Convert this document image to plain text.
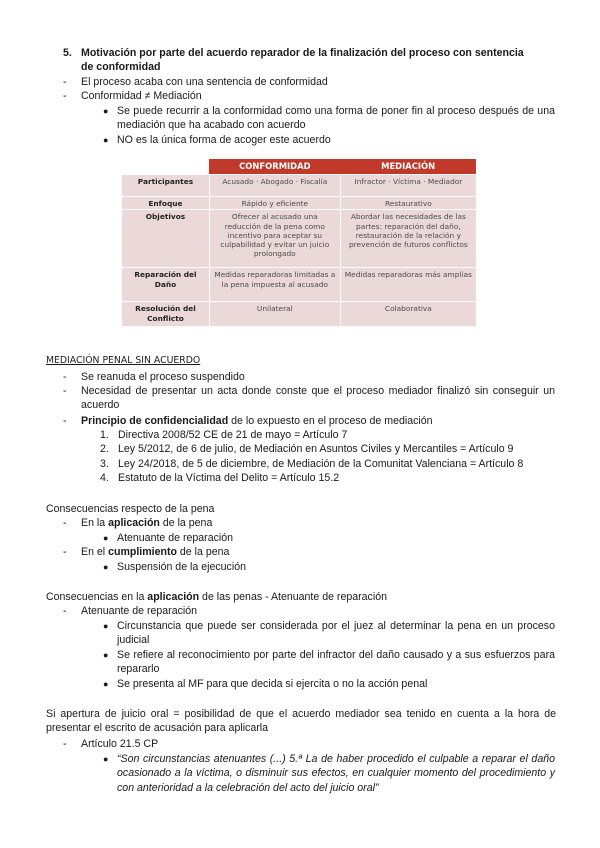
5. Motivación por parte del acuerdo reparador de la finalización del proceso con sentencia
de conformidad
- El proceso acaba con una sentencia de conformidad
- Conformidad ≠ Mediación
● Se puede recurrir a la conformidad como una forma de poner fin al proceso después de una mediación que ha acabado con acuerdo
● NO es la única forma de acoger este acuerdo
	CONFORMIDAD	MEDIACIÓN
Participantes	Acusado · Abogado · Fiscalía	Infractor · Víctima · Mediador
Enfoque	Rápido y eficiente	Restaurativo
Objetivos	Ofrecer al acusado una reducción de la pena como incentivo para aceptar su culpabilidad y evitar un juicio prolongado	Abordar las necesidades de las partes: reparación del daño, restauración de la relación y prevención de futuros conflictos
Reparación del Daño	Medidas reparadoras limitadas a la pena impuesta al acusado	Medidas reparadoras más amplias
Resolución del Conflicto	Unilateral	Colaborativa
MEDIACIÓN PENAL SIN ACUERDO
- Se reanuda el proceso suspendido
- Necesidad de presentar un acta donde conste que el proceso mediador finalizó sin conseguir un acuerdo
- Principio de confidencialidad de lo expuesto en el proceso de mediación
1. Directiva 2008/52 CE de 21 de mayo = Artículo 7
2. Ley 5/2012, de 6 de julio, de Mediación en Asuntos Civiles y Mercantiles = Artículo 9
3. Ley 24/2018, de 5 de diciembre, de Mediación de la Comunitat Valenciana = Artículo 8
4. Estatuto de la Víctima del Delito = Artículo 15.2
Consecuencias respecto de la pena
- En la aplicación de la pena
● Atenuante de reparación
- En el cumplimiento de la pena
● Suspensión de la ejecución
Consecuencias en la aplicación de las penas - Atenuante de reparación
- Atenuante de reparación
● Circunstancia que puede ser considerada por el juez al determinar la pena en un proceso judicial
● Se refiere al reconocimiento por parte del infractor del daño causado y a sus esfuerzos para repararlo
● Se presenta al MF para que decida si ejercita o no la acción penal
Si apertura de juicio oral = posibilidad de que el acuerdo mediador sea tenido en cuenta a la hora de presentar el escrito de acusación para aplicarla
- Artículo 21.5 CP
● “Son circunstancias atenuantes (...) 5.ª La de haber procedido el culpable a reparar el daño ocasionado a la víctima, o disminuir sus efectos, en cualquier momento del procedimiento y con anterioridad a la celebración del acto del juicio oral”
